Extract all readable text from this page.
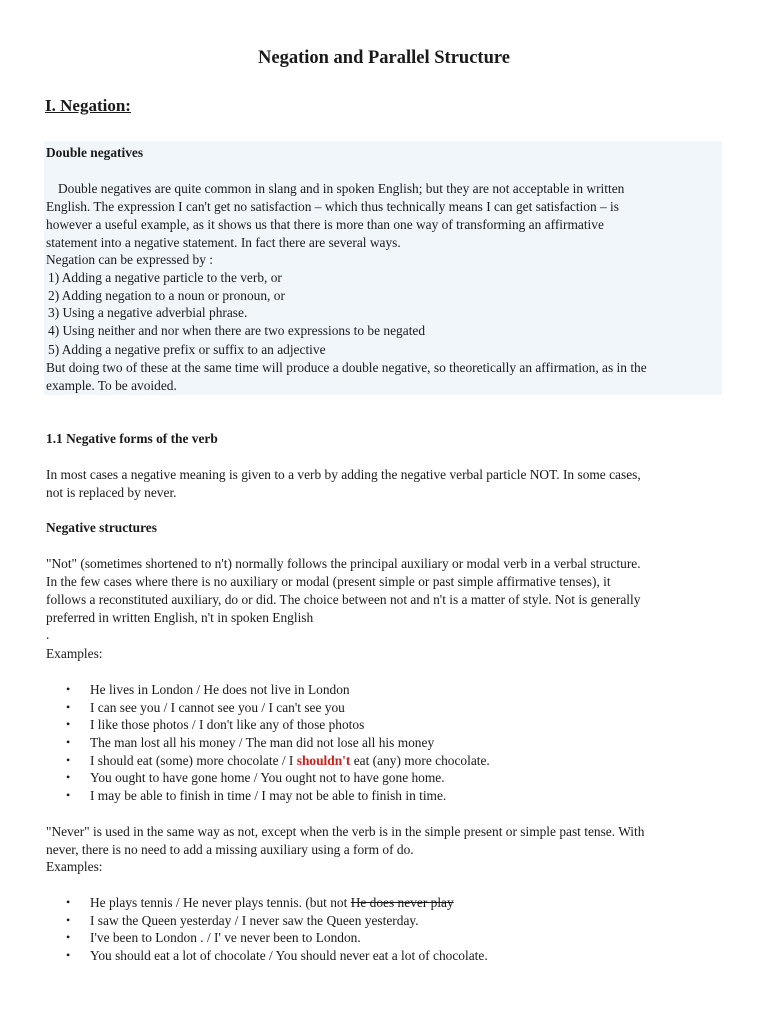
Negation and Parallel Structure
I. Negation:
Double negatives
Double negatives are quite common in slang and in spoken English; but they are not acceptable in written
English. The expression I can't get no satisfaction – which thus technically means I can get satisfaction – is
however a useful example, as it shows us that there is more than one way of transforming an affirmative
statement into a negative statement. In fact there are several ways.
Negation can be expressed by :
1) Adding a negative particle to the verb, or
2) Adding negation to a noun or pronoun, or
3) Using a negative adverbial phrase.
4) Using neither and nor when there are two expressions to be negated
5) Adding a negative prefix or suffix to an adjective
But doing two of these at the same time will produce a double negative, so theoretically an affirmation, as in the
example. To be avoided.
1.1 Negative forms of the verb
In most cases a negative meaning is given to a verb by adding the negative verbal particle NOT. In some cases,
not is replaced by never.
Negative structures
"Not" (sometimes shortened to n't) normally follows the principal auxiliary or modal verb in a verbal structure.
In the few cases where there is no auxiliary or modal (present simple or past simple affirmative tenses), it
follows a reconstituted auxiliary, do or did. The choice between not and n't is a matter of style. Not is generally
preferred in written English, n't in spoken English
.
Examples:
• He lives in London / He does not live in London
• I can see you / I cannot see you / I can't see you
• I like those photos / I don't like any of those photos
• The man lost all his money / The man did not lose all his money
• I should eat (some) more chocolate / I shouldn't eat (any) more chocolate.
• You ought to have gone home / You ought not to have gone home.
• I may be able to finish in time / I may not be able to finish in time.
"Never" is used in the same way as not, except when the verb is in the simple present or simple past tense. With
never, there is no need to add a missing auxiliary using a form of do.
Examples:
• He plays tennis / He never plays tennis. (but not He does never play
• I saw the Queen yesterday / I never saw the Queen yesterday.
• I've been to London . / I' ve never been to London.
• You should eat a lot of chocolate / You should never eat a lot of chocolate.
